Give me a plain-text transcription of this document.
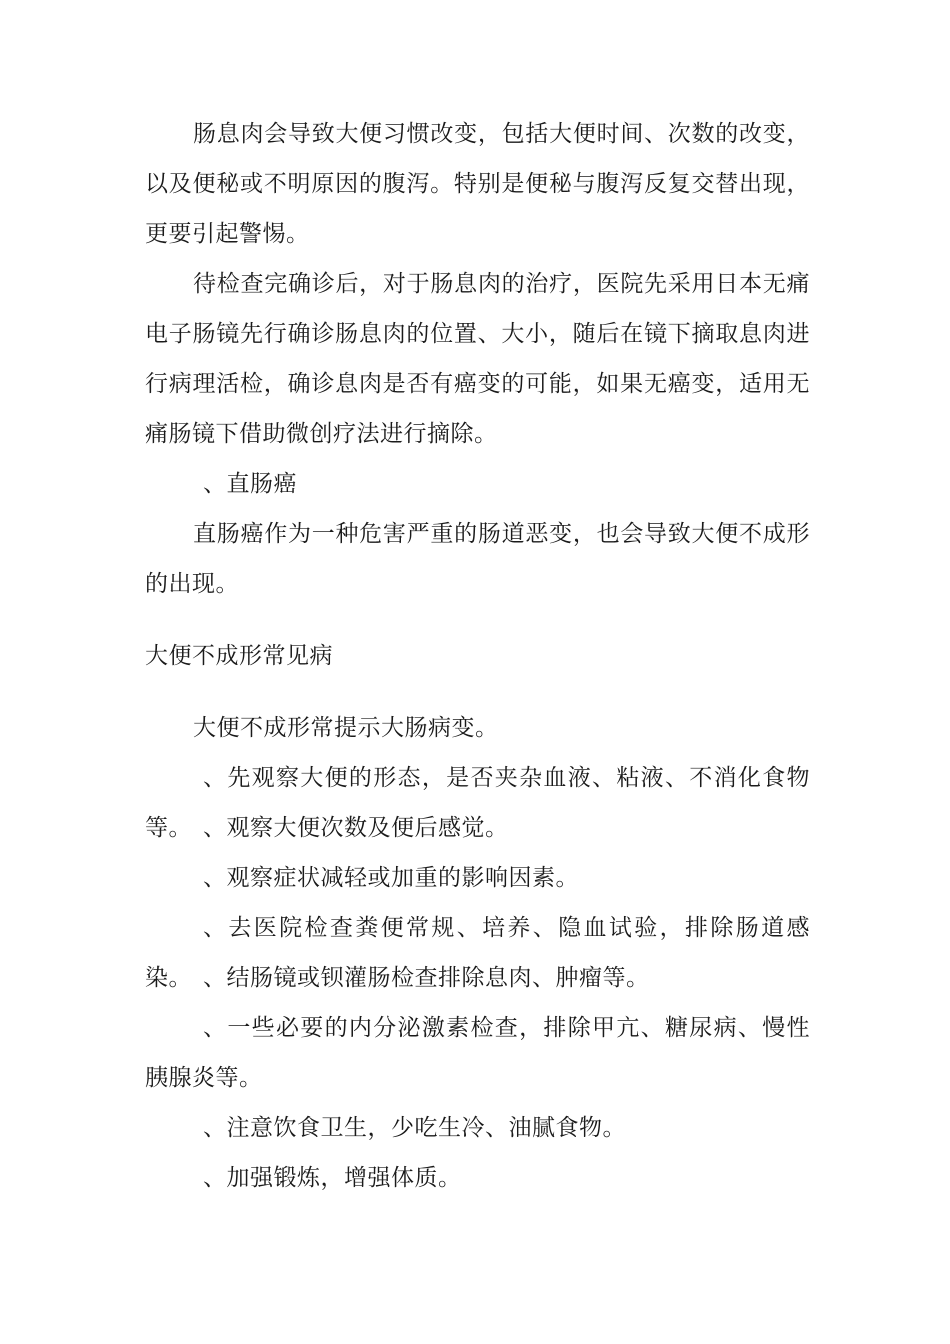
肠息肉会导致大便习惯改变，包括大便时间、次数的改变，以及便秘或不明原因的腹泻。特别是便秘与腹泻反复交替出现，更要引起警惕。

待检查完确诊后，对于肠息肉的治疗，医院先采用日本无痛电子肠镜先行确诊肠息肉的位置、大小，随后在镜下摘取息肉进行病理活检，确诊息肉是否有癌变的可能，如果无癌变，适用无痛肠镜下借助微创疗法进行摘除。

、直肠癌

直肠癌作为一种危害严重的肠道恶变，也会导致大便不成形的出现。

大便不成形常见病

大便不成形常提示大肠病变。

、先观察大便的形态，是否夹杂血液、粘液、不消化食物等。 、观察大便次数及便后感觉。

、观察症状减轻或加重的影响因素。

、去医院检查粪便常规、培养、隐血试验，排除肠道感染。 、结肠镜或钡灌肠检查排除息肉、肿瘤等。

、一些必要的内分泌激素检查，排除甲亢、糖尿病、慢性胰腺炎等。

、注意饮食卫生，少吃生冷、油腻食物。

、加强锻炼，增强体质。
